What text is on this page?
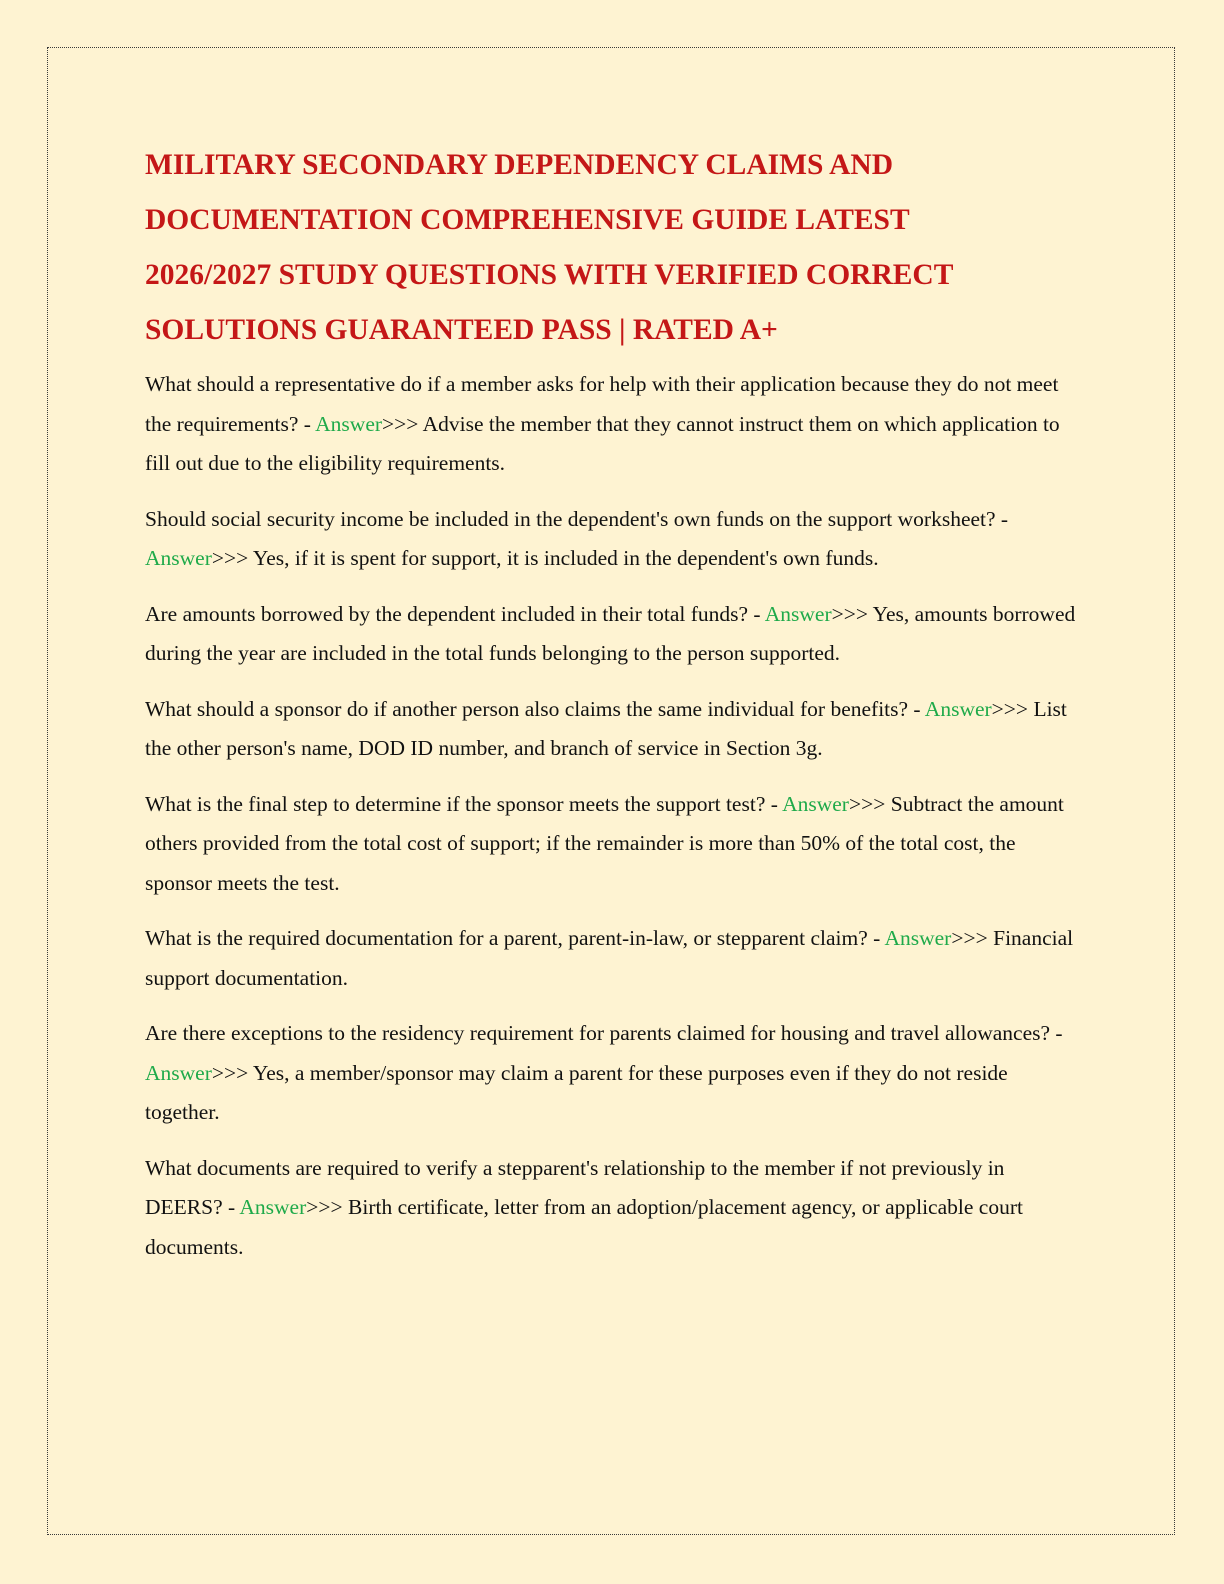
MILITARY SECONDARY DEPENDENCY CLAIMS AND
DOCUMENTATION COMPREHENSIVE GUIDE LATEST
2026/2027 STUDY QUESTIONS WITH VERIFIED CORRECT
SOLUTIONS GUARANTEED PASS | RATED A+

What should a representative do if a member asks for help with their application because they do not meet the requirements? - Answer>>> Advise the member that they cannot instruct them on which application to fill out due to the eligibility requirements.

Should social security income be included in the dependent's own funds on the support worksheet? - Answer>>> Yes, if it is spent for support, it is included in the dependent's own funds.

Are amounts borrowed by the dependent included in their total funds? - Answer>>> Yes, amounts borrowed during the year are included in the total funds belonging to the person supported.

What should a sponsor do if another person also claims the same individual for benefits? - Answer>>> List the other person's name, DOD ID number, and branch of service in Section 3g.

What is the final step to determine if the sponsor meets the support test? - Answer>>> Subtract the amount others provided from the total cost of support; if the remainder is more than 50% of the total cost, the sponsor meets the test.

What is the required documentation for a parent, parent-in-law, or stepparent claim? - Answer>>> Financial support documentation.

Are there exceptions to the residency requirement for parents claimed for housing and travel allowances? - Answer>>> Yes, a member/sponsor may claim a parent for these purposes even if they do not reside together.

What documents are required to verify a stepparent's relationship to the member if not previously in DEERS? - Answer>>> Birth certificate, letter from an adoption/placement agency, or applicable court documents.
